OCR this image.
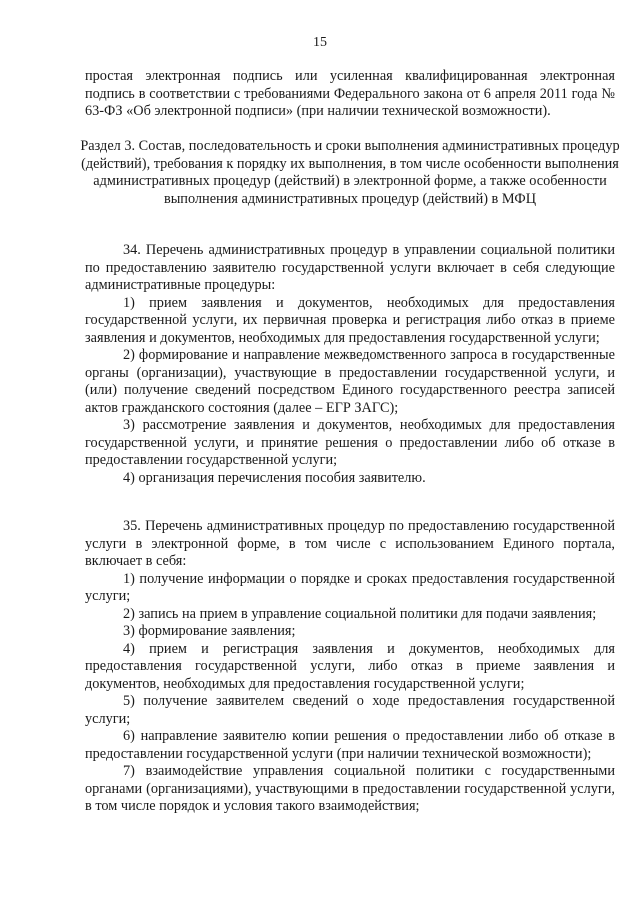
15

простая электронная подпись или усиленная квалифицированная электронная подпись в соответствии с требованиями Федерального закона от 6 апреля 2011 года № 63-ФЗ «Об электронной подписи» (при наличии технической возможности).

Раздел 3. Состав, последовательность и сроки выполнения административных процедур (действий), требования к порядку их выполнения, в том числе особенности выполнения административных процедур (действий) в электронной форме, а также особенности выполнения административных процедур (действий) в МФЦ

34. Перечень административных процедур в управлении социальной политики по предоставлению заявителю государственной услуги включает в себя следующие административные процедуры:

1) прием заявления и документов, необходимых для предоставления государственной услуги, их первичная проверка и регистрация либо отказ в приеме заявления и документов, необходимых для предоставления государственной услуги;

2) формирование и направление межведомственного запроса в государственные органы (организации), участвующие в предоставлении государственной услуги, и (или) получение сведений посредством Единого государственного реестра записей актов гражданского состояния (далее – ЕГР ЗАГС);

3) рассмотрение заявления и документов, необходимых для предоставления государственной услуги, и принятие решения о предоставлении либо об отказе в предоставлении государственной услуги;

4) организация перечисления пособия заявителю.

35. Перечень административных процедур по предоставлению государственной услуги в электронной форме, в том числе с использованием Единого портала, включает в себя:

1) получение информации о порядке и сроках предоставления государственной услуги;

2) запись на прием в управление социальной политики для подачи заявления;

3) формирование заявления;

4) прием и регистрация заявления и документов, необходимых для предоставления государственной услуги, либо отказ в приеме заявления и документов, необходимых для предоставления государственной услуги;

5) получение заявителем сведений о ходе предоставления государственной услуги;

6) направление заявителю копии решения о предоставлении либо об отказе в предоставлении государственной услуги (при наличии технической возможности);

7) взаимодействие управления социальной политики с государственными органами (организациями), участвующими в предоставлении государственной услуги, в том числе порядок и условия такого взаимодействия;
